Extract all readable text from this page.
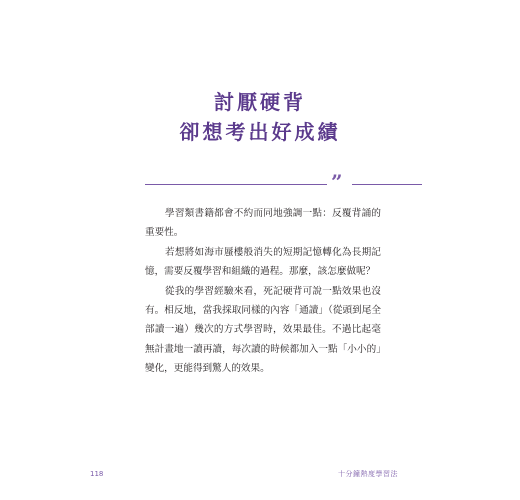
討厭硬背
卻想考出好成績
”

學習類書籍都會不約而同地強調一點：反覆背誦的重要性。

若想將如海市蜃樓般消失的短期記憶轉化為長期記憶，需要反覆學習和組織的過程。那麼，該怎麼做呢？

從我的學習經驗來看，死記硬背可說一點效果也沒有。相反地，當我採取同樣的內容「通讀」（從頭到尾全部讀一遍）幾次的方式學習時，效果最佳。不過比起毫無計畫地一讀再讀，每次讀的時候都加入一點「小小的」變化，更能得到驚人的效果。

118	十分鐘熱度學習法
